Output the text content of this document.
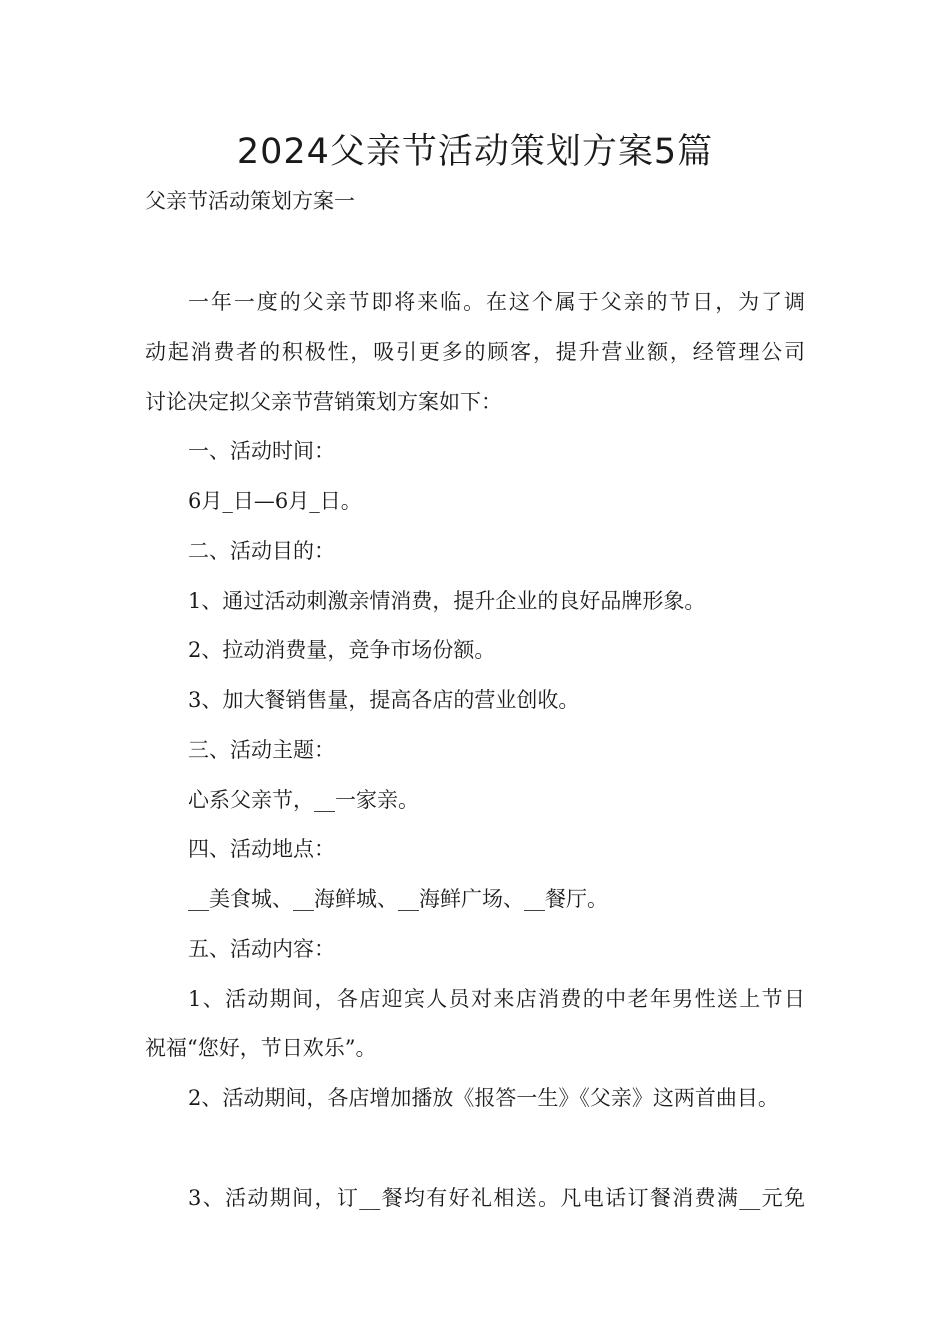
2024父亲节活动策划方案5篇
父亲节活动策划方案一
一年一度的父亲节即将来临。在这个属于父亲的节日，为了调
动起消费者的积极性，吸引更多的顾客，提升营业额，经管理公司
讨论决定拟父亲节营销策划方案如下：
一、活动时间：
6月_日—6月_日。
二、活动目的：
1、通过活动刺激亲情消费，提升企业的良好品牌形象。
2、拉动消费量，竞争市场份额。
3、加大餐销售量，提高各店的营业创收。
三、活动主题：
心系父亲节，__一家亲。
四、活动地点：
__美食城、__海鲜城、__海鲜广场、__餐厅。
五、活动内容：
1、活动期间，各店迎宾人员对来店消费的中老年男性送上节日
祝福“您好，节日欢乐”。
2、活动期间，各店增加播放《报答一生》《父亲》这两首曲目。
3、活动期间，订__餐均有好礼相送。凡电话订餐消费满__元免
